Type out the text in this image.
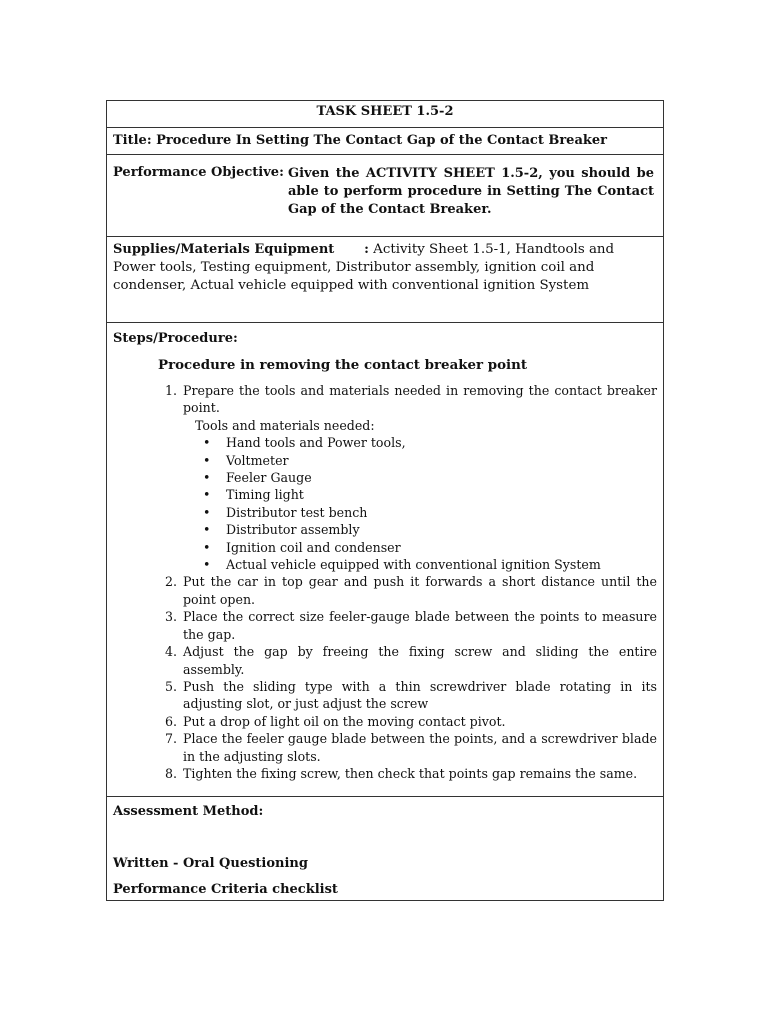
TASK SHEET 1.5-2
Title: Procedure In Setting The Contact Gap of the Contact Breaker
Performance Objective: Given the ACTIVITY SHEET 1.5-2, you should be able to perform procedure in Setting The Contact Gap of the Contact Breaker.
Supplies/Materials Equipment : Activity Sheet 1.5-1, Handtools and Power tools, Testing equipment, Distributor assembly, ignition coil and condenser, Actual vehicle equipped with conventional ignition System
Steps/Procedure:
Procedure in removing the contact breaker point
1. Prepare the tools and materials needed in removing the contact breaker point.
Tools and materials needed:
• Hand tools and Power tools,
• Voltmeter
• Feeler Gauge
• Timing light
• Distributor test bench
• Distributor assembly
• Ignition coil and condenser
• Actual vehicle equipped with conventional ignition System
2. Put the car in top gear and push it forwards a short distance until the point open.
3. Place the correct size feeler-gauge blade between the points to measure the gap.
4. Adjust the gap by freeing the fixing screw and sliding the entire assembly.
5. Push the sliding type with a thin screwdriver blade rotating in its adjusting slot, or just adjust the screw
6. Put a drop of light oil on the moving contact pivot.
7. Place the feeler gauge blade between the points, and a screwdriver blade in the adjusting slots.
8. Tighten the fixing screw, then check that points gap remains the same.
Assessment Method:
Written - Oral Questioning
Performance Criteria checklist
